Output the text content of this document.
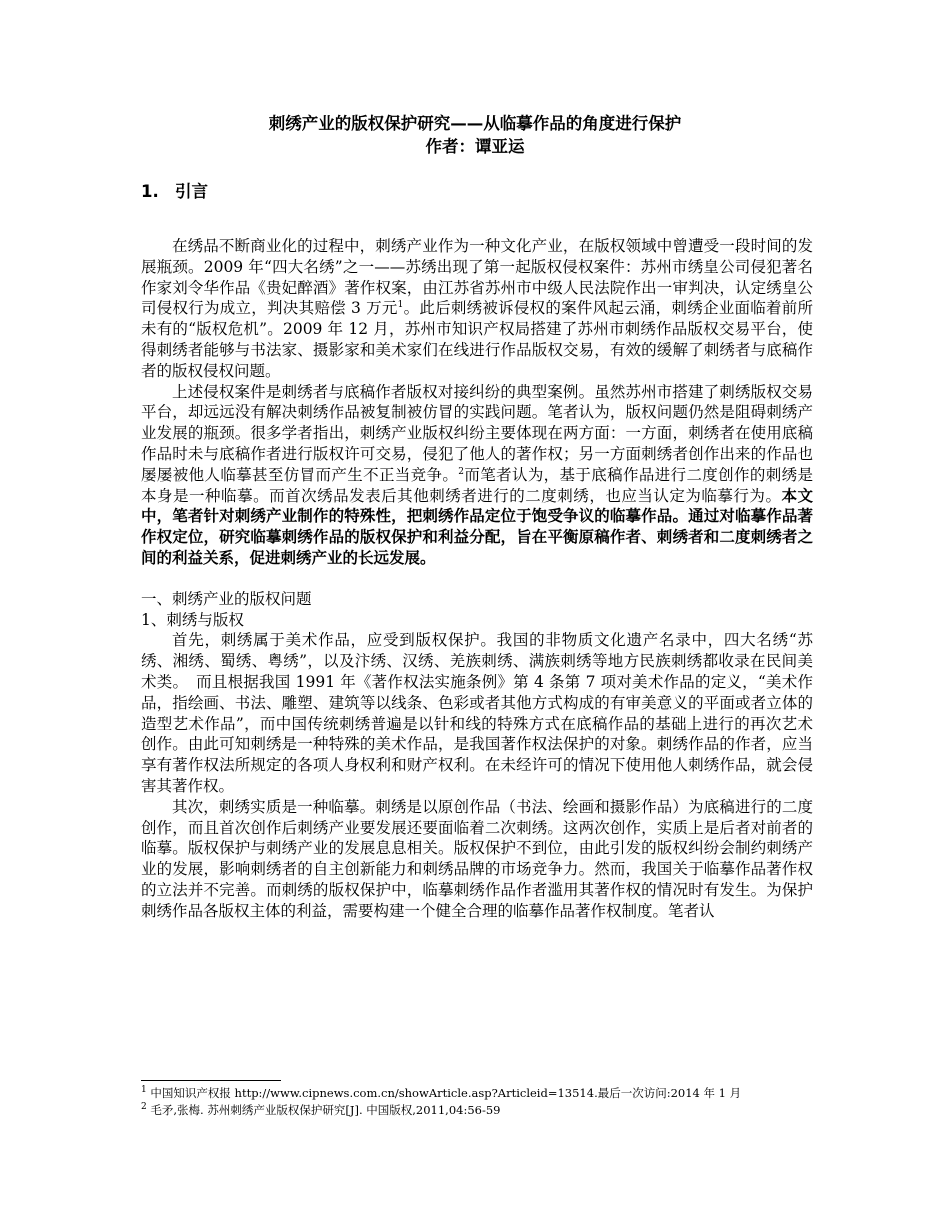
刺绣产业的版权保护研究——从临摹作品的角度进行保护
作者：谭亚运
1. 引言

在绣品不断商业化的过程中，刺绣产业作为一种文化产业，在版权领域中曾遭受一段时间的发展瓶颈。2009 年“四大名绣”之一——苏绣出现了第一起版权侵权案件：苏州市绣皇公司侵犯著名作家刘令华作品《贵妃醉酒》著作权案，由江苏省苏州市中级人民法院作出一审判决，认定绣皇公司侵权行为成立，判决其赔偿 3 万元$^1$。此后刺绣被诉侵权的案件风起云涌，刺绣企业面临着前所未有的“版权危机”。2009 年 12 月，苏州市知识产权局搭建了苏州市刺绣作品版权交易平台，使得刺绣者能够与书法家、摄影家和美术家们在线进行作品版权交易，有效的缓解了刺绣者与底稿作者的版权侵权问题。

上述侵权案件是刺绣者与底稿作者版权对接纠纷的典型案例。虽然苏州市搭建了刺绣版权交易平台，却远远没有解决刺绣作品被复制被仿冒的实践问题。笔者认为，版权问题仍然是阻碍刺绣产业发展的瓶颈。很多学者指出，刺绣产业版权纠纷主要体现在两方面：一方面，刺绣者在使用底稿作品时未与底稿作者进行版权许可交易，侵犯了他人的著作权；另一方面刺绣者创作出来的作品也屡屡被他人临摹甚至仿冒而产生不正当竞争。$^2$而笔者认为，基于底稿作品进行二度创作的刺绣是本身是一种临摹。而首次绣品发表后其他刺绣者进行的二度刺绣，也应当认定为临摹行为。本文中，笔者针对刺绣产业制作的特殊性，把刺绣作品定位于饱受争议的临摹作品。通过对临摹作品著作权定位，研究临摹刺绣作品的版权保护和利益分配，旨在平衡原稿作者、刺绣者和二度刺绣者之间的利益关系，促进刺绣产业的长远发展。

一、刺绣产业的版权问题

1、刺绣与版权

首先，刺绣属于美术作品，应受到版权保护。我国的非物质文化遗产名录中，四大名绣“苏绣、湘绣、蜀绣、粤绣”，以及汴绣、汉绣、羌族刺绣、满族刺绣等地方民族刺绣都收录在民间美术类。　而且根据我国 1991 年《著作权法实施条例》第 4 条第 7 项对美术作品的定义，“美术作品，指绘画、书法、雕塑、建筑等以线条、色彩或者其他方式构成的有审美意义的平面或者立体的造型艺术作品”，而中国传统刺绣普遍是以针和线的特殊方式在底稿作品的基础上进行的再次艺术创作。由此可知刺绣是一种特殊的美术作品，是我国著作权法保护的对象。刺绣作品的作者，应当享有著作权法所规定的各项人身权利和财产权利。在未经许可的情况下使用他人刺绣作品，就会侵害其著作权。

其次，刺绣实质是一种临摹。刺绣是以原创作品（书法、绘画和摄影作品）为底稿进行的二度创作，而且首次创作后刺绣产业要发展还要面临着二次刺绣。这两次创作，实质上是后者对前者的临摹。版权保护与刺绣产业的发展息息相关。版权保护不到位，由此引发的版权纠纷会制约刺绣产业的发展，影响刺绣者的自主创新能力和刺绣品牌的市场竞争力。然而，我国关于临摹作品著作权的立法并不完善。而刺绣的版权保护中，临摹刺绣作品作者滥用其著作权的情况时有发生。为保护刺绣作品各版权主体的利益，需要构建一个健全合理的临摹作品著作权制度。笔者认

$^1$ 中国知识产权报 http://www.cipnews.com.cn/showArticle.asp?Articleid=13514.最后一次访问:2014 年 1 月
$^2$ 毛矛,张梅. 苏州刺绣产业版权保护研究[J]. 中国版权,2011,04:56-59
